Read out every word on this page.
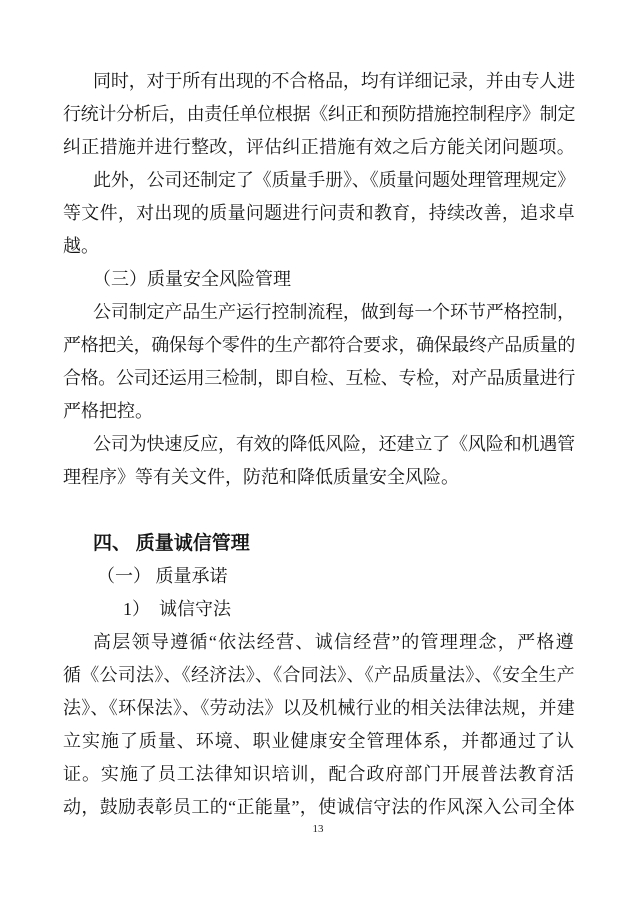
同时，对于所有出现的不合格品，均有详细记录，并由专人进
行统计分析后，由责任单位根据《纠正和预防措施控制程序》制定
纠正措施并进行整改，评估纠正措施有效之后方能关闭问题项。
此外，公司还制定了《质量手册》、《质量问题处理管理规定》
等文件，对出现的质量问题进行问责和教育，持续改善，追求卓
越。
（三）质量安全风险管理
公司制定产品生产运行控制流程，做到每一个环节严格控制，
严格把关，确保每个零件的生产都符合要求，确保最终产品质量的
合格。公司还运用三检制，即自检、互检、专检，对产品质量进行
严格把控。
公司为快速反应，有效的降低风险，还建立了《风险和机遇管
理程序》等有关文件，防范和降低质量安全风险。
四、 质量诚信管理
（一） 质量承诺
1）　诚信守法
高层领导遵循“依法经营、诚信经营”的管理理念，严格遵
循《公司法》、《经济法》、《合同法》、《产品质量法》、《安全生产
法》、《环保法》、《劳动法》以及机械行业的相关法律法规，并建
立实施了质量、环境、职业健康安全管理体系，并都通过了认
证。实施了员工法律知识培训，配合政府部门开展普法教育活
动，鼓励表彰员工的“正能量”，使诚信守法的作风深入公司全体
13
